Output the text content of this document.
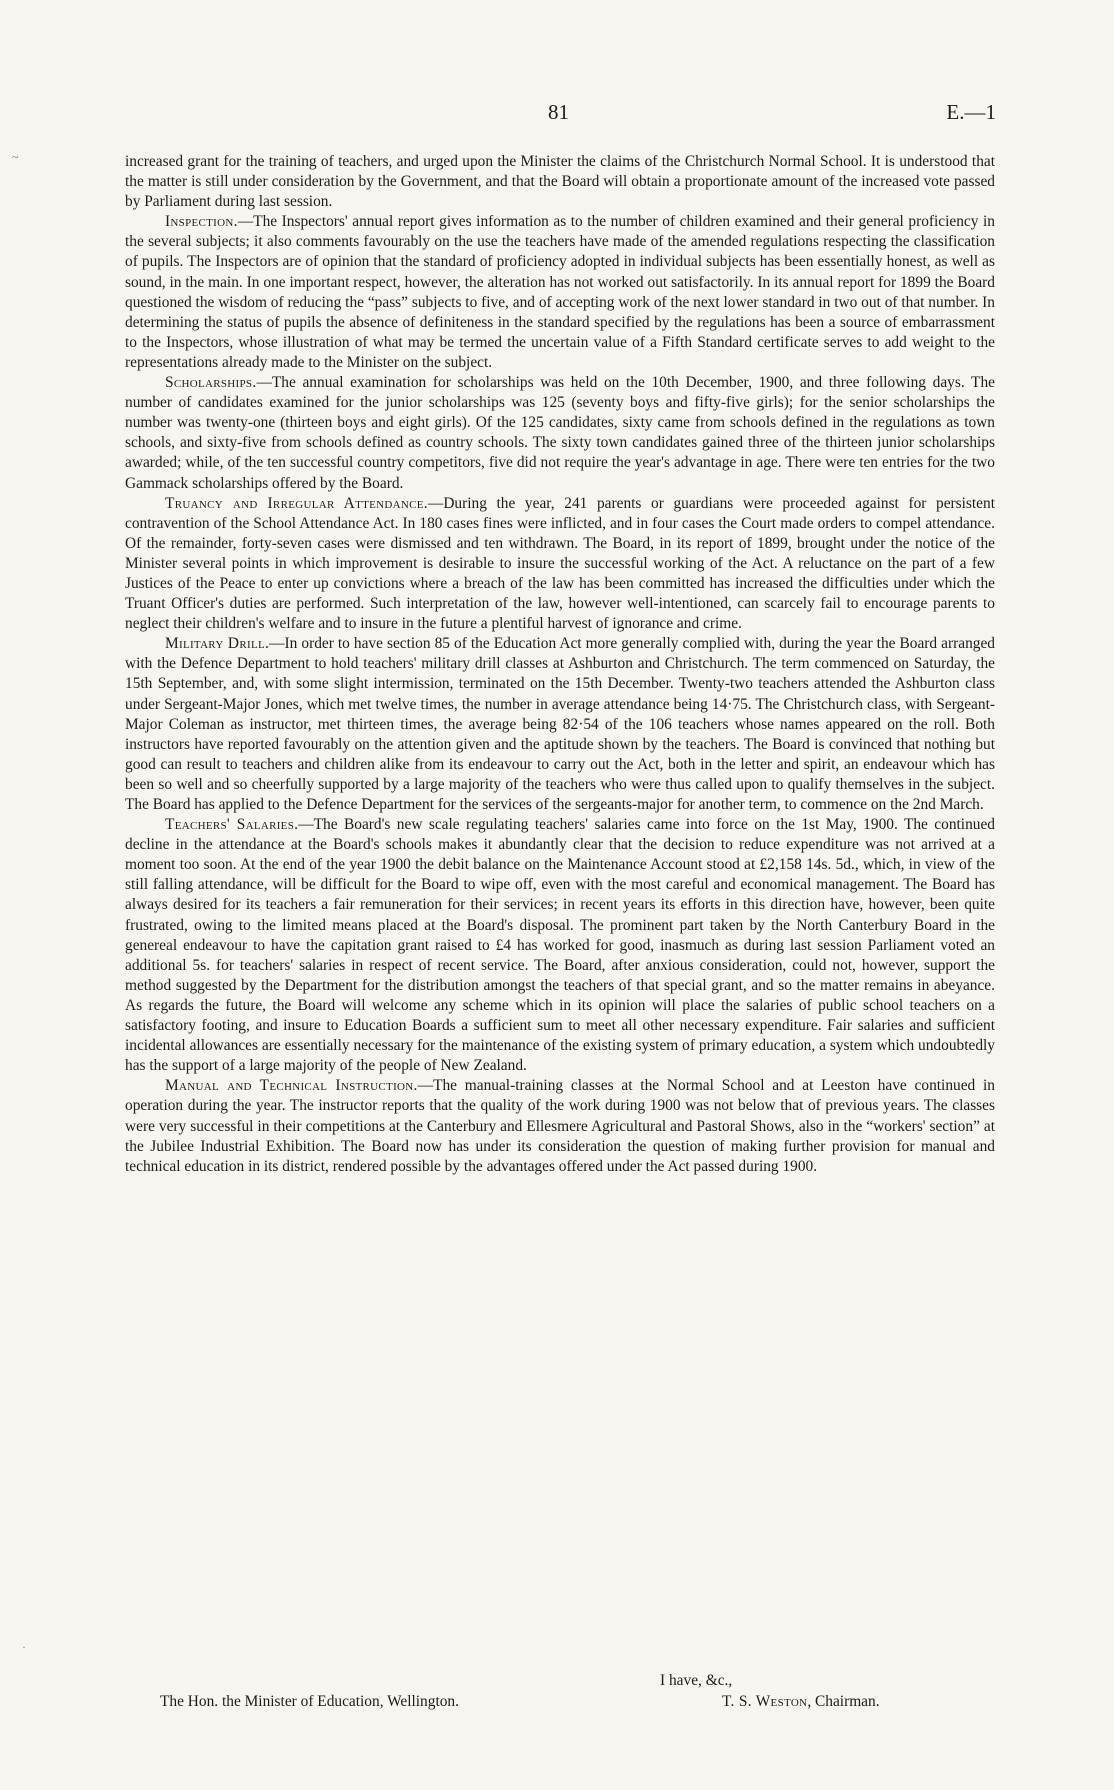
81	E.—1
~	increased grant for the training of teachers, and urged upon the Minister the claims of the Christchurch Normal School. It is understood that the matter is still under consideration by the Government, and that the Board will obtain a proportionate amount of the increased vote passed by Parliament during last session.

Inspection.—The Inspectors' annual report gives information as to the number of children examined and their general proficiency in the several subjects; it also comments favourably on the use the teachers have made of the amended regulations respecting the classification of pupils. The Inspectors are of opinion that the standard of proficiency adopted in individual subjects has been essentially honest, as well as sound, in the main. In one important respect, however, the alteration has not worked out satisfactorily. In its annual report for 1899 the Board questioned the wisdom of reducing the “pass” subjects to five, and of accepting work of the next lower standard in two out of that number. In determining the status of pupils the absence of definiteness in the standard specified by the regulations has been a source of embarrassment to the Inspectors, whose illustration of what may be termed the uncertain value of a Fifth Standard certificate serves to add weight to the representations already made to the Minister on the subject.

Scholarships.—The annual examination for scholarships was held on the 10th December, 1900, and three following days. The number of candidates examined for the junior scholarships was 125 (seventy boys and fifty-five girls); for the senior scholarships the number was twenty-one (thirteen boys and eight girls). Of the 125 candidates, sixty came from schools defined in the regulations as town schools, and sixty-five from schools defined as country schools. The sixty town candidates gained three of the thirteen junior scholarships awarded; while, of the ten successful country competitors, five did not require the year's advantage in age. There were ten entries for the two Gammack scholarships offered by the Board.

Truancy and Irregular Attendance.—During the year, 241 parents or guardians were proceeded against for persistent contravention of the School Attendance Act. In 180 cases fines were inflicted, and in four cases the Court made orders to compel attendance. Of the remainder, forty-seven cases were dismissed and ten withdrawn. The Board, in its report of 1899, brought under the notice of the Minister several points in which improvement is desirable to insure the successful working of the Act. A reluctance on the part of a few Justices of the Peace to enter up convictions where a breach of the law has been committed has increased the difficulties under which the Truant Officer's duties are performed. Such interpretation of the law, however well-intentioned, can scarcely fail to encourage parents to neglect their children's welfare and to insure in the future a plentiful harvest of ignorance and crime.

Military Drill.—In order to have section 85 of the Education Act more generally complied with, during the year the Board arranged with the Defence Department to hold teachers' military drill classes at Ashburton and Christchurch. The term commenced on Saturday, the 15th September, and, with some slight intermission, terminated on the 15th December. Twenty-two teachers attended the Ashburton class under Sergeant-Major Jones, which met twelve times, the number in average attendance being 14·75. The Christchurch class, with Sergeant-Major Coleman as instructor, met thirteen times, the average being 82·54 of the 106 teachers whose names appeared on the roll. Both instructors have reported favourably on the attention given and the aptitude shown by the teachers. The Board is convinced that nothing but good can result to teachers and children alike from its endeavour to carry out the Act, both in the letter and spirit, an endeavour which has been so well and so cheerfully supported by a large majority of the teachers who were thus called upon to qualify themselves in the subject. The Board has applied to the Defence Department for the services of the sergeants-major for another term, to commence on the 2nd March.

Teachers' Salaries.—The Board's new scale regulating teachers' salaries came into force on the 1st May, 1900. The continued decline in the attendance at the Board's schools makes it abundantly clear that the decision to reduce expenditure was not arrived at a moment too soon. At the end of the year 1900 the debit balance on the Maintenance Account stood at £2,158 14s. 5d., which, in view of the still falling attendance, will be difficult for the Board to wipe off, even with the most careful and economical management. The Board has always desired for its teachers a fair remuneration for their services; in recent years its efforts in this direction have, however, been quite frustrated, owing to the limited means placed at the Board's disposal. The prominent part taken by the North Canterbury Board in the genereal endeavour to have the capitation grant raised to £4 has worked for good, inasmuch as during last session Parliament voted an additional 5s. for teachers' salaries in respect of recent service. The Board, after anxious consideration, could not, however, support the method suggested by the Department for the distribution amongst the teachers of that special grant, and so the matter remains in abeyance. As regards the future, the Board will welcome any scheme which in its opinion will place the salaries of public school teachers on a satisfactory footing, and insure to Education Boards a sufficient sum to meet all other necessary expenditure. Fair salaries and sufficient incidental allowances are essentially necessary for the maintenance of the existing system of primary education, a system which undoubtedly has the support of a large majority of the people of New Zealand.

Manual and Technical Instruction.—The manual-training classes at the Normal School and at Leeston have continued in operation during the year. The instructor reports that the quality of the work during 1900 was not below that of previous years. The classes were very successful in their competitions at the Canterbury and Ellesmere Agricultural and Pastoral Shows, also in the “workers' section” at the Jubilee Industrial Exhibition. The Board now has under its consideration the question of making further provision for manual and technical education in its district, rendered possible by the advantages offered under the Act passed during 1900.

I have, &c.,
The Hon. the Minister of Education, Wellington.	T. S. Weston, Chairman.
·
